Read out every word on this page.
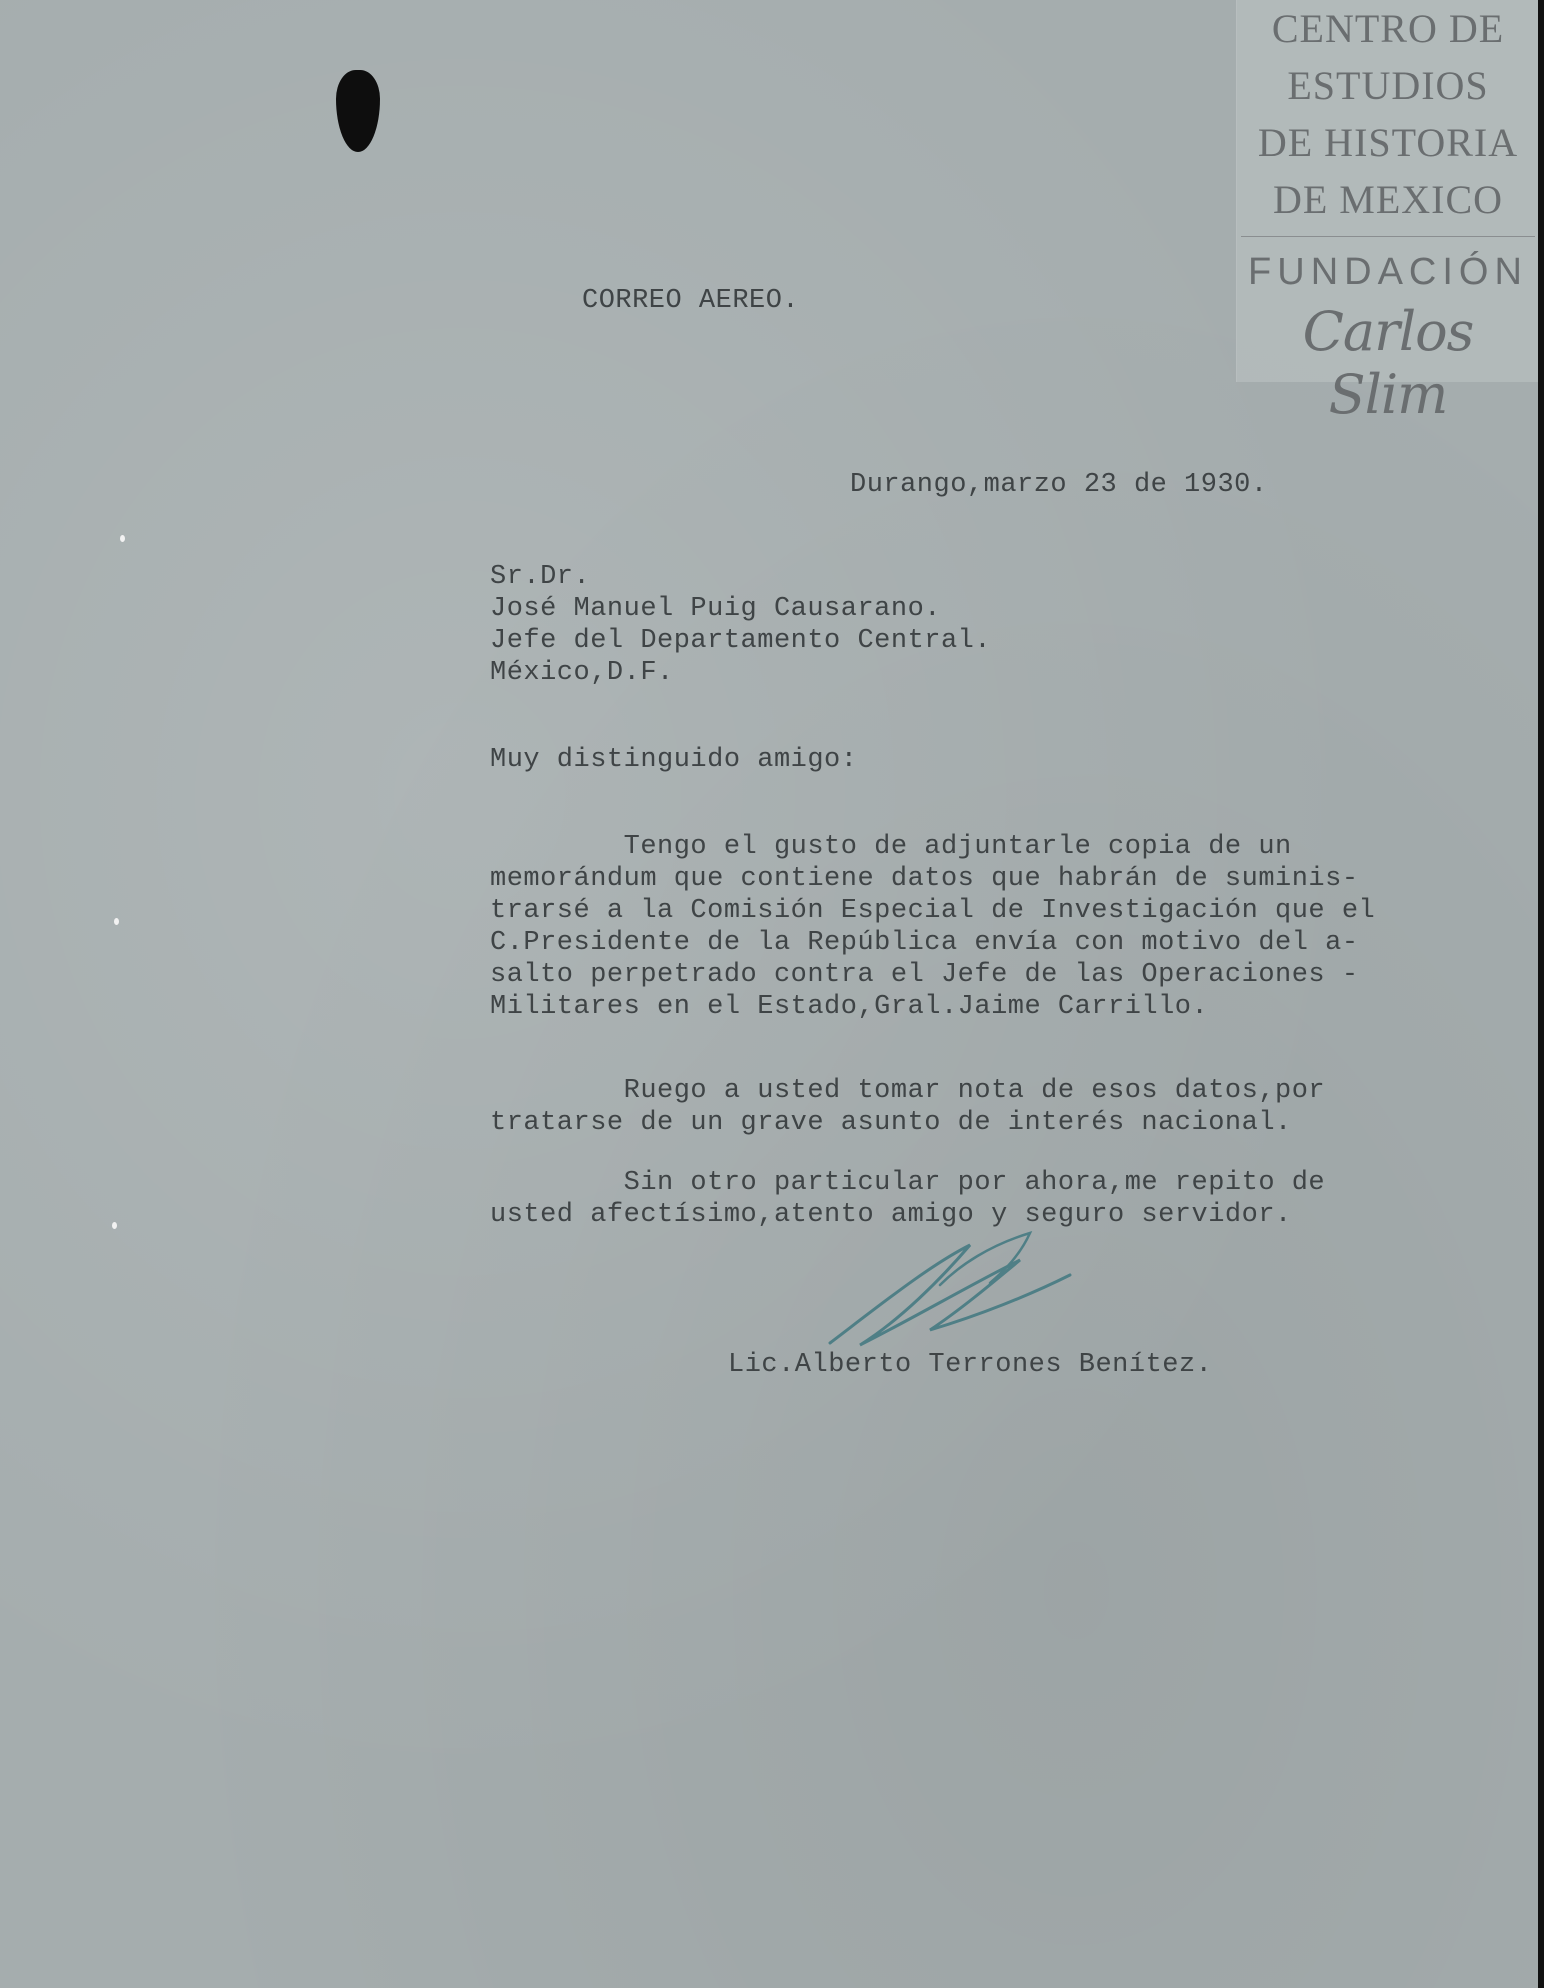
CENTRO DE
ESTUDIOS
DE HISTORIA
DE MEXICO
FUNDACIÓN
Carlos Slim
CORREO AEREO.
Durango,marzo 23 de 1930.
Sr.Dr.
José Manuel Puig Causarano.
Jefe del Departamento Central.
México,D.F.
Muy distinguido amigo:
Tengo el gusto de adjuntarle copia de un
memorándum que contiene datos que habrán de suminis-
trarsé a la Comisión Especial de Investigación que el
C.Presidente de la República envía con motivo del a-
salto perpetrado contra el Jefe de las Operaciones -
Militares en el Estado,Gral.Jaime Carrillo.
Ruego a usted tomar nota de esos datos,por
tratarse de un grave asunto de interés nacional.
Sin otro particular por ahora,me repito de
usted afectísimo,atento amigo y seguro servidor.
Lic.Alberto Terrones Benítez.
